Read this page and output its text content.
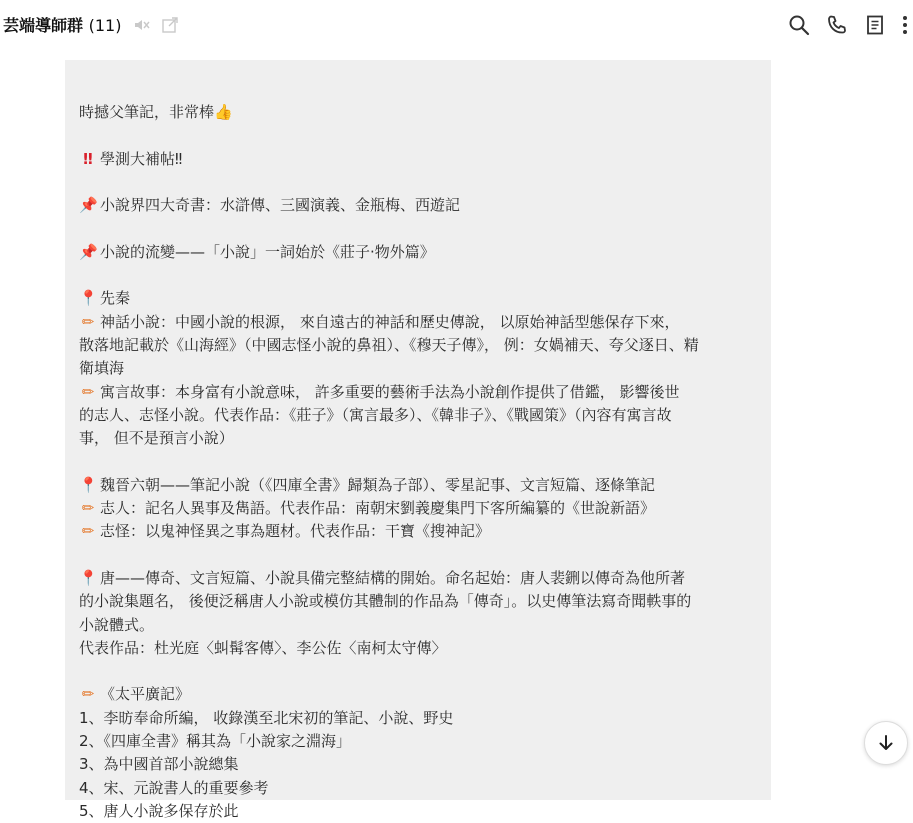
芸端導師群 (11)
時撼父筆記，非常棒👍
‼ 學測大補帖‼
📌 小說界四大奇書：水滸傳、三國演義、金瓶梅、西遊記
📌 小說的流變——「小說」一詞始於《莊子·物外篇》
📍 先秦
✏ 神話小說：中國小說的根源， 來自遠古的神話和歷史傳說， 以原始神話型態保存下來，
散落地記載於《山海經》（中國志怪小說的鼻祖）、《穆天子傳》， 例：女媧補天、夸父逐日、精
衛填海
✏ 寓言故事：本身富有小說意味， 許多重要的藝術手法為小說創作提供了借鑑， 影響後世
的志人、志怪小說。代表作品：《莊子》（寓言最多）、《韓非子》、《戰國策》（內容有寓言故
事， 但不是預言小說）
📍 魏晉六朝——筆記小說（《四庫全書》歸類為子部）、零星記事、文言短篇、逐條筆記
✏ 志人：記名人異事及雋語。代表作品：南朝宋劉義慶集門下客所編纂的《世說新語》
✏ 志怪：以鬼神怪異之事為題材。代表作品：干寶《搜神記》
📍 唐——傳奇、文言短篇、小說具備完整結構的開始。命名起始：唐人裴鉶以傳奇為他所著
的小說集題名， 後便泛稱唐人小說或模仿其體制的作品為「傳奇」。以史傳筆法寫奇聞軼事的
小說體式。
代表作品：杜光庭〈虯髯客傳〉、李公佐〈南柯太守傳〉
✏ 《太平廣記》
1、李昉奉命所編， 收錄漢至北宋初的筆記、小說、野史
2、《四庫全書》稱其為「小說家之淵海」
3、為中國首部小說總集
4、宋、元說書人的重要參考
5、唐人小說多保存於此
